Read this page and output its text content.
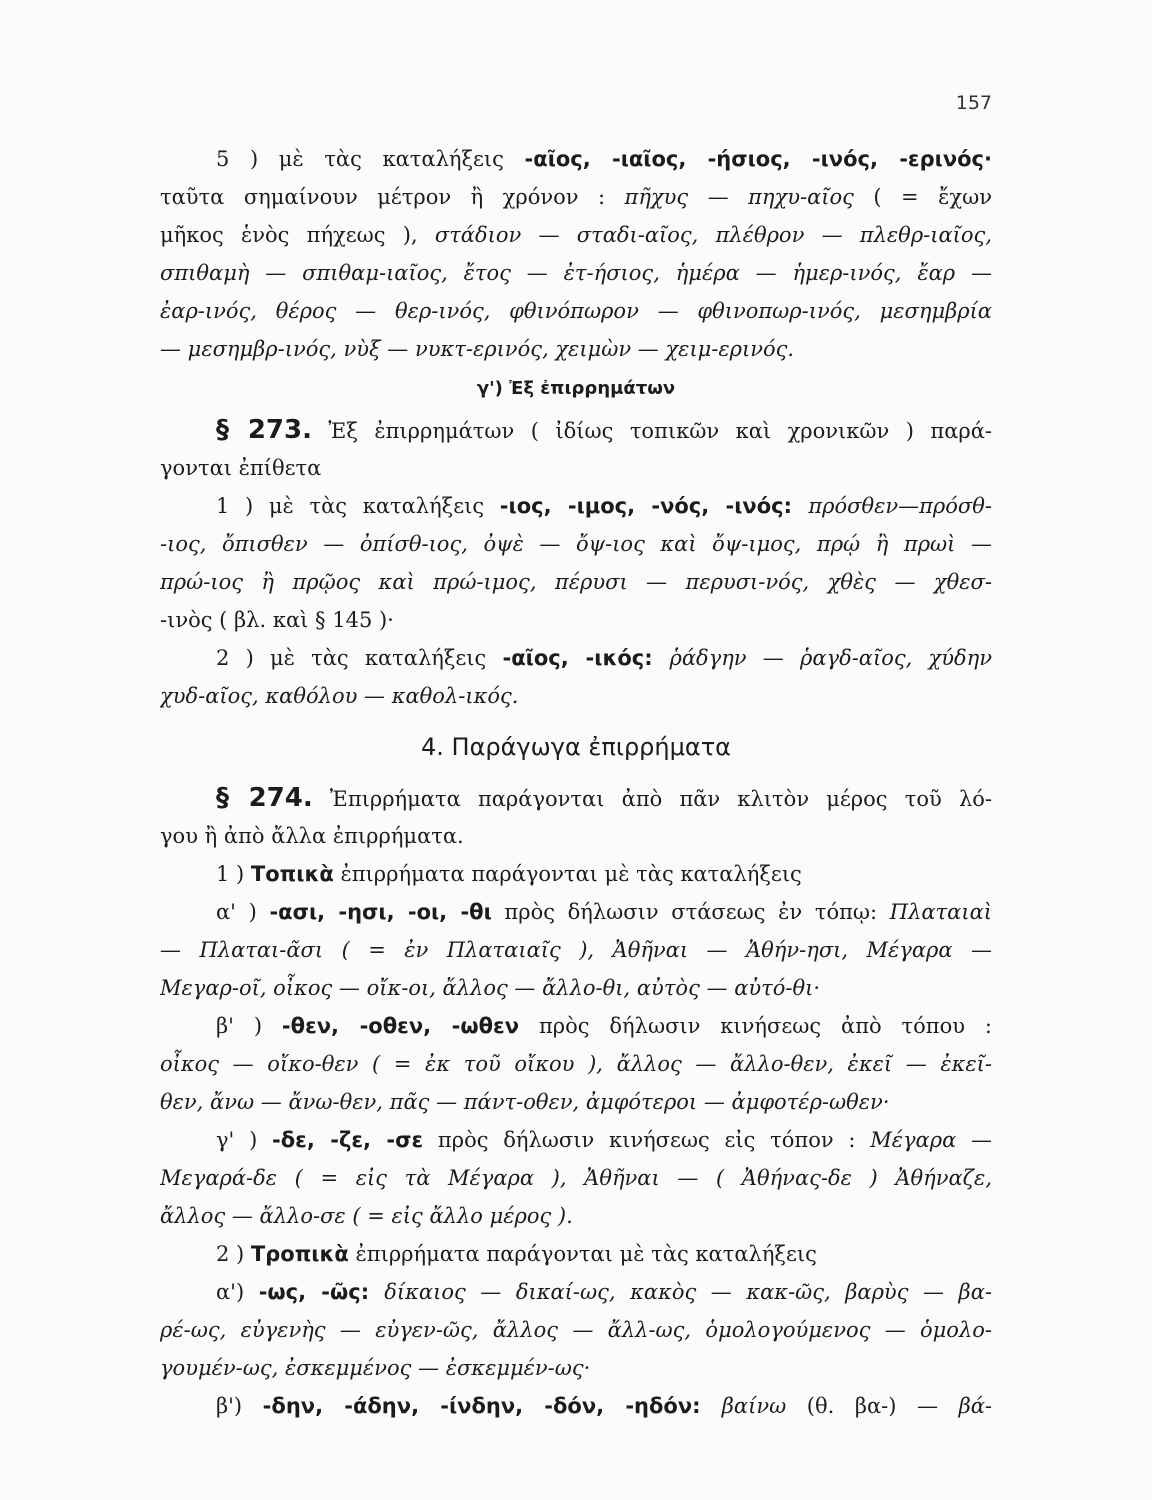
157
5 ) μὲ τὰς καταλήξεις -αῖος, -ιαῖος, -ήσιος, -ινός, -ερινός·
ταῦτα σημαίνουν μέτρον ἢ χρόνον : πῆχυς — πηχυ-αῖος ( = ἔχων
μῆκος ἑνὸς πήχεως ), στάδιον — σταδι-αῖος, πλέθρον — πλεθρ-ιαῖος,
σπιθαμὴ — σπιθαμ-ιαῖος, ἔτος — ἐτ-ήσιος, ἡμέρα — ἡμερ-ινός, ἔαρ —
ἐαρ-ινός, θέρος — θερ-ινός, φθινόπωρον — φθινοπωρ-ινός, μεσημβρία
— μεσημβρ-ινός, νὺξ — νυκτ-ερινός, χειμὼν — χειμ-ερινός.
γ') Ἐξ ἐπιρρημάτων
§ 273. Ἐξ ἐπιρρημάτων ( ἰδίως τοπικῶν καὶ χρονικῶν ) παρά-
γονται ἐπίθετα
1 ) μὲ τὰς καταλήξεις -ιος, -ιμος, -νός, -ινός: πρόσθεν—πρόσθ-
-ιος, ὄπισθεν — ὀπίσθ-ιος, ὀψὲ — ὄψ-ιος καὶ ὄψ-ιμος, πρῴ ἢ πρωὶ —
πρώ-ιος ἢ πρῷος καὶ πρώ-ιμος, πέρυσι — περυσι-νός, χθὲς — χθεσ-
-ινὸς ( βλ. καὶ § 145 )·
2 ) μὲ τὰς καταλήξεις -αῖος, -ικός: ῥάδγην — ῥαγδ-αῖος, χύδην
χυδ-αῖος, καθόλου — καθολ-ικός.
4. Παράγωγα ἐπιρρήματα
§ 274. Ἐπιρρήματα παράγονται ἀπὸ πᾶν κλιτὸν μέρος τοῦ λό-
γου ἢ ἀπὸ ἄλλα ἐπιρρήματα.
1 ) Τοπικὰ ἐπιρρήματα παράγονται μὲ τὰς καταλήξεις
α' ) -ασι, -ησι, -οι, -θι πρὸς δήλωσιν στάσεως ἐν τόπῳ: Πλαταιαὶ
— Πλαται-ᾶσι ( = ἐν Πλαταιαῖς ), Ἀθῆναι — Ἀθήν-ησι, Μέγαρα —
Μεγαρ-οῖ, οἶκος — οἴκ-οι, ἄλλος — ἄλλο-θι, αὐτὸς — αὐτό-θι·
β' ) -θεν, -οθεν, -ωθεν πρὸς δήλωσιν κινήσεως ἀπὸ τόπου :
οἶκος — οἴκο-θεν ( = ἐκ τοῦ οἴκου ), ἄλλος — ἄλλο-θεν, ἐκεῖ — ἐκεῖ-
θεν, ἄνω — ἄνω-θεν, πᾶς — πάντ-οθεν, ἀμφότεροι — ἀμφοτέρ-ωθεν·
γ' ) -δε, -ζε, -σε πρὸς δήλωσιν κινήσεως εἰς τόπον : Μέγαρα —
Μεγαρά-δε ( = εἰς τὰ Μέγαρα ), Ἀθῆναι — ( Ἀθήνας-δε ) Ἀθήναζε,
ἄλλος — ἄλλο-σε ( = εἰς ἄλλο μέρος ).
2 ) Τροπικὰ ἐπιρρήματα παράγονται μὲ τὰς καταλήξεις
α') -ως, -ῶς: δίκαιος — δικαί-ως, κακὸς — κακ-ῶς, βαρὺς — βα-
ρέ-ως, εὐγενὴς — εὐγεν-ῶς, ἄλλος — ἄλλ-ως, ὁμολογούμενος — ὁμολο-
γουμέν-ως, ἐσκεμμένος — ἐσκεμμέν-ως·
β') -δην, -άδην, -ίνδην, -δόν, -ηδόν: βαίνω (θ. βα-) — βά-
